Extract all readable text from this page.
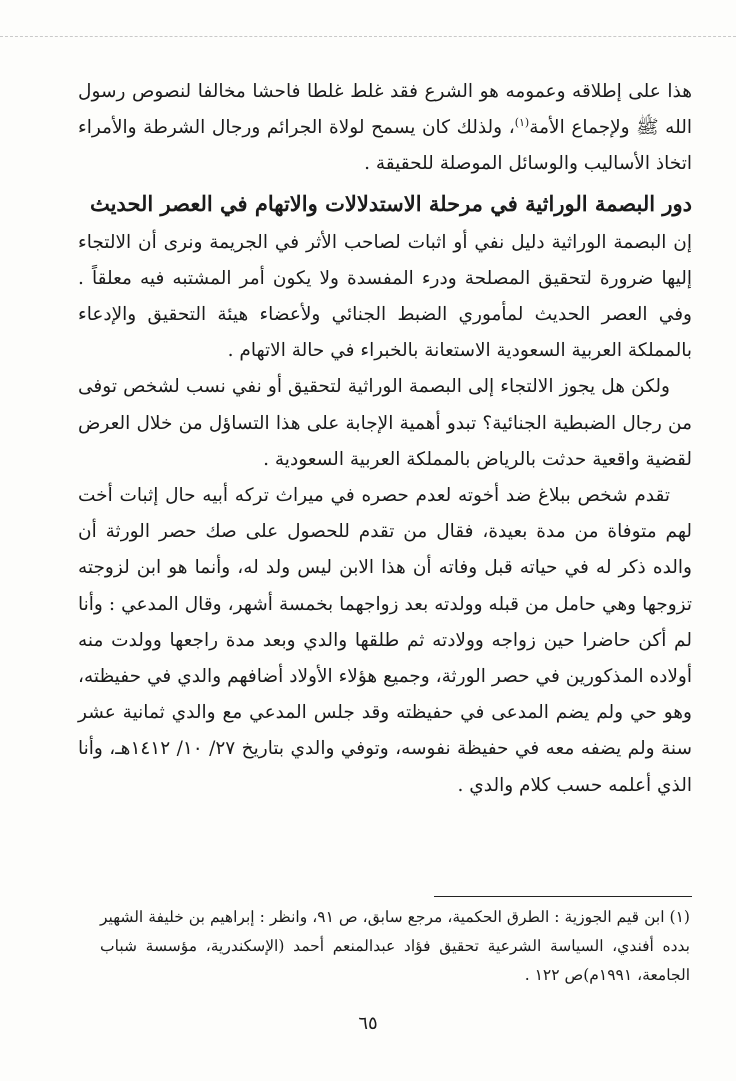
هذا على إطلاقه وعمومه هو الشرع فقد غلط غلطا فاحشا مخالفا لنصوص رسول الله ﷺ ولإجماع الأمة$^{(١)}$، ولذلك كان يسمح لولاة الجرائم ورجال الشرطة والأمراء اتخاذ الأساليب والوسائل الموصلة للحقيقة .

دور البصمة الوراثية في مرحلة الاستدلالات والاتهام في العصر الحديث

إن البصمة الوراثية دليل نفي أو اثبات لصاحب الأثر في الجريمة ونرى أن الالتجاء إليها ضرورة لتحقيق المصلحة ودرء المفسدة ولا يكون أمر المشتبه فيه معلقاً . وفي العصر الحديث لمأموري الضبط الجنائي ولأعضاء هيئة التحقيق والإدعاء بالمملكة العربية السعودية الاستعانة بالخبراء في حالة الاتهام .

ولكن هل يجوز الالتجاء إلى البصمة الوراثية لتحقيق أو نفي نسب لشخص توفى من رجال الضبطية الجنائية؟ تبدو أهمية الإجابة على هذا التساؤل من خلال العرض لقضية واقعية حدثت بالرياض بالمملكة العربية السعودية .

تقدم شخص ببلاغ ضد أخوته لعدم حصره في ميراث تركه أبيه حال إثبات أخت لهم متوفاة من مدة بعيدة، فقال من تقدم للحصول على صك حصر الورثة أن والده ذكر له في حياته قبل وفاته أن هذا الابن ليس ولد له، وأنما هو ابن لزوجته تزوجها وهي حامل من قبله وولدته بعد زواجهما بخمسة أشهر، وقال المدعي : وأنا لم أكن حاضرا حين زواجه وولادته ثم طلقها والدي وبعد مدة راجعها وولدت منه أولاده المذكورين في حصر الورثة، وجميع هؤلاء الأولاد أضافهم والدي في حفيظته، وهو حي ولم يضم المدعى في حفيظته وقد جلس المدعي مع والدي ثمانية عشر سنة ولم يضفه معه في حفيظة نفوسه، وتوفي والدي بتاريخ ٢٧/ ١٠/ ١٤١٢هـ، وأنا الذي أعلمه حسب كلام والدي .

(١) ابن قيم الجوزية : الطرق الحكمية، مرجع سابق، ص ٩١، وانظر : إبراهيم بن خليفة الشهير بدده أفندي، السياسة الشرعية تحقيق فؤاد عبدالمنعم أحمد (الإسكندرية، مؤسسة شباب الجامعة، ١٩٩١م)ص ١٢٢ .

٦٥
